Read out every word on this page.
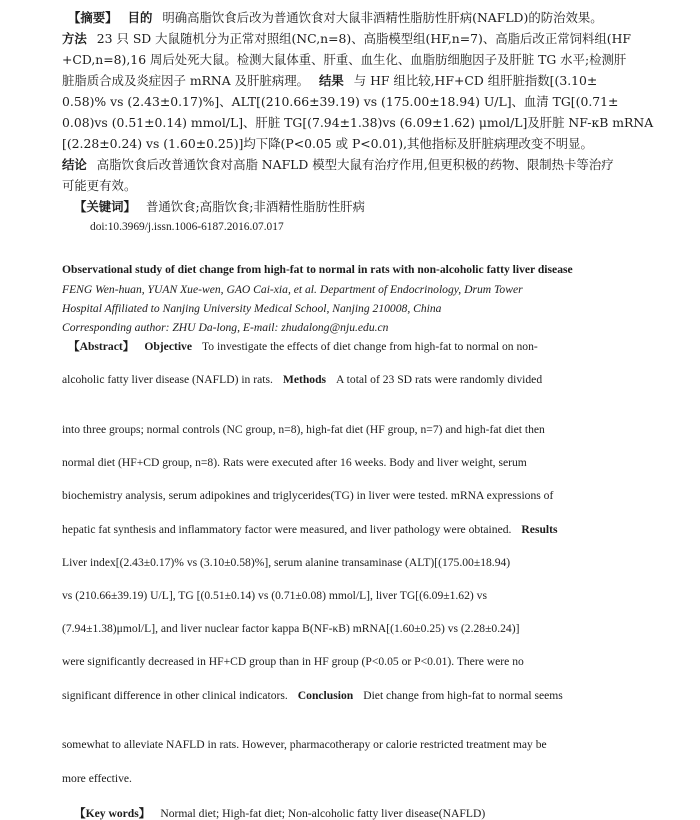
【摘要】 目的 明确高脂饮食后改为普通饮食对大鼠非酒精性脂肪性肝病(NAFLD)的防治效果。
方法 23 只 SD 大鼠随机分为正常对照组(NC,n=8)、高脂模型组(HF,n=7)、高脂后改正常饲料组(HF
+CD,n=8),16 周后处死大鼠。检测大鼠体重、肝重、血生化、血脂肪细胞因子及肝脏 TG 水平;检测肝
脏脂质合成及炎症因子 mRNA 及肝脏病理。 结果 与 HF 组比较,HF+CD 组肝脏指数[(3.10±
0.58)% vs (2.43±0.17)%]、ALT[(210.66±39.19) vs (175.00±18.94) U/L]、血清 TG[(0.71±
0.08)vs (0.51±0.14) mmol/L]、肝脏 TG[(7.94±1.38)vs (6.09±1.62) μmol/L]及肝脏 NF-κB mRNA
[(2.28±0.24) vs (1.60±0.25)]均下降(P<0.05 或 P<0.01),其他指标及肝脏病理改变不明显。
结论 高脂饮食后改普通饮食对高脂 NAFLD 模型大鼠有治疗作用,但更积极的药物、限制热卡等治疗
可能更有效。
【关键词】 普通饮食;高脂饮食;非酒精性脂肪性肝病
doi:10.3969/j.issn.1006-6187.2016.07.017
Observational study of diet change from high-fat to normal in rats with non-alcoholic fatty liver disease
FENG Wen-huan, YUAN Xue-wen, GAO Cai-xia, et al. Department of Endocrinology, Drum Tower
Hospital Affiliated to Nanjing University Medical School, Nanjing 210008, China
Corresponding author: ZHU Da-long, E-mail: zhudalong@nju.edu.cn
【Abstract】 Objective To investigate the effects of diet change from high-fat to normal on non-
alcoholic fatty liver disease (NAFLD) in rats. Methods A total of 23 SD rats were randomly divided
into three groups; normal controls (NC group, n=8), high-fat diet (HF group, n=7) and high-fat diet then
normal diet (HF+CD group, n=8). Rats were executed after 16 weeks. Body and liver weight, serum
biochemistry analysis, serum adipokines and triglycerides(TG) in liver were tested. mRNA expressions of
hepatic fat synthesis and inflammatory factor were measured, and liver pathology were obtained. Results
Liver index[(2.43±0.17)% vs (3.10±0.58)%], serum alanine transaminase (ALT)[(175.00±18.94)
vs (210.66±39.19) U/L], TG [(0.51±0.14) vs (0.71±0.08) mmol/L], liver TG[(6.09±1.62) vs
(7.94±1.38)μmol/L], and liver nuclear factor kappa B(NF-κB) mRNA[(1.60±0.25) vs (2.28±0.24)]
were significantly decreased in HF+CD group than in HF group (P<0.05 or P<0.01). There were no
significant difference in other clinical indicators. Conclusion Diet change from high-fat to normal seems
somewhat to alleviate NAFLD in rats. However, pharmacotherapy or calorie restricted treatment may be
more effective.
【Key words】 Normal diet; High-fat diet; Non-alcoholic fatty liver disease(NAFLD)
